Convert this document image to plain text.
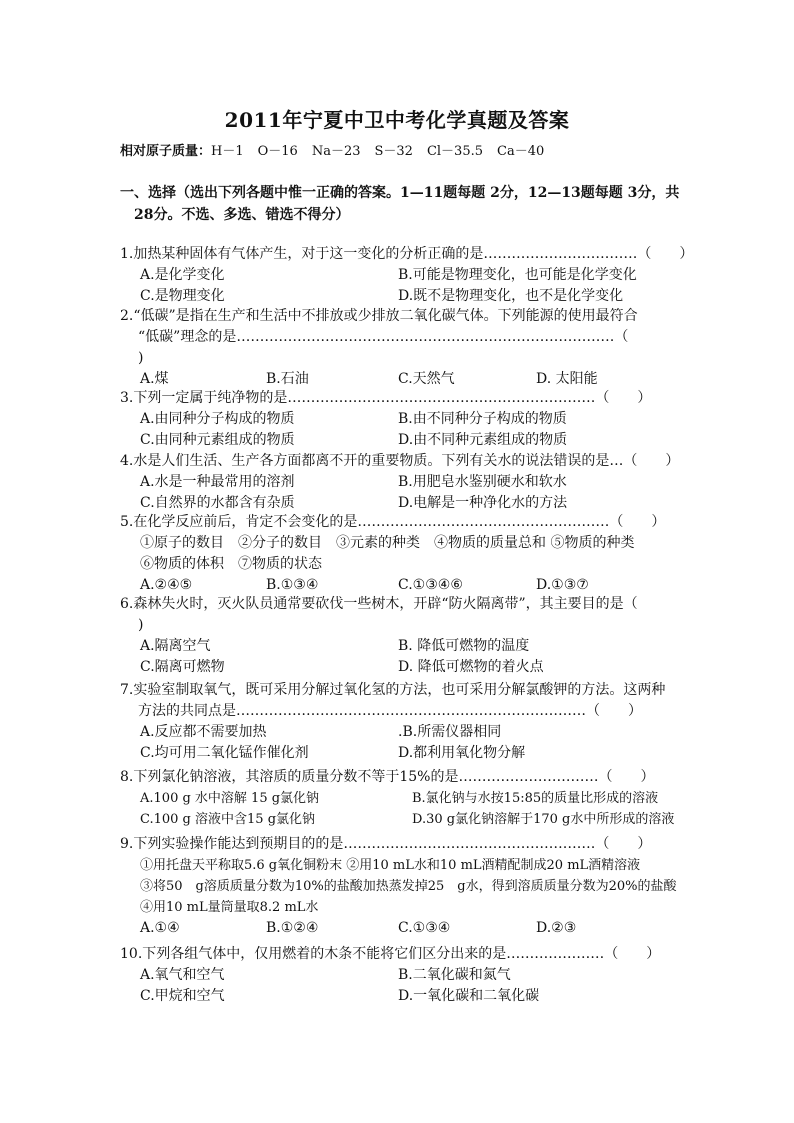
2011年宁夏中卫中考化学真题及答案
相对原子质量：H－1 O－16 Na－23 S－32 Cl－35.5 Ca－40
一、选择（选出下列各题中惟一正确的答案。1—11题每题 2分，12—13题每题 3分，共
28分。不选、多选、错选不得分）
1.加热某种固体有气体产生，对于这一变化的分析正确的是……………………………（　　）
A.是化学变化	B.可能是物理变化，也可能是化学变化
C.是物理变化	D.既不是物理变化，也不是化学变化
2.“低碳”是指在生产和生活中不排放或少排放二氧化碳气体。下列能源的使用最符合
“低碳”理念的是………………………………………………………………………（
)
A.煤	B.石油	C.天然气	D. 太阳能
3.下列一定属于纯净物的是…………………………………………………………（　　）
A.由同种分子构成的物质	B.由不同种分子构成的物质
C.由同种元素组成的物质	D.由不同种元素组成的物质
4.水是人们生活、生产各方面都离不开的重要物质。下列有关水的说法错误的是…（　　）
A.水是一种最常用的溶剂	B.用肥皂水鉴别硬水和软水
C.自然界的水都含有杂质	D.电解是一种净化水的方法
5.在化学反应前后，肯定不会变化的是………………………………………………（　　）
①原子的数目　②分子的数目　③元素的种类　④物质的质量总和 ⑤物质的种类
⑥物质的体积　⑦物质的状态
A.②④⑤	B.①③④	C.①③④⑥	D.①③⑦
6.森林失火时，灭火队员通常要砍伐一些树木，开辟“防火隔离带”，其主要目的是（
)
A.隔离空气	B. 降低可燃物的温度
C.隔离可燃物	D. 降低可燃物的着火点
7.实验室制取氧气，既可采用分解过氧化氢的方法，也可采用分解氯酸钾的方法。这两种
方法的共同点是…………………………………………………………………（　　）
A.反应都不需要加热	.B.所需仪器相同
C.均可用二氧化锰作催化剂	D.都利用氧化物分解
8.下列氯化钠溶液，其溶质的质量分数不等于15%的是…………………………（　　）
A.100 g 水中溶解 15 g氯化钠	B.氯化钠与水按15:85的质量比形成的溶液
C.100 g 溶液中含15 g氯化钠	D.30 g氯化钠溶解于170 g水中所形成的溶液
9.下列实验操作能达到预期目的的是………………………………………………（　　）
①用托盘天平称取5.6 g氧化铜粉末 ②用10 mL水和10 mL酒精配制成20 mL酒精溶液
③将50　g溶质质量分数为10%的盐酸加热蒸发掉25　g水，得到溶质质量分数为20%的盐酸
④用10 mL量筒量取8.2 mL水
A.①④	B.①②④	C.①③④	D.②③
10.下列各组气体中，仅用燃着的木条不能将它们区分出来的是…………………（　　）
A.氧气和空气	B.二氧化碳和氮气
C.甲烷和空气	D.一氧化碳和二氧化碳
